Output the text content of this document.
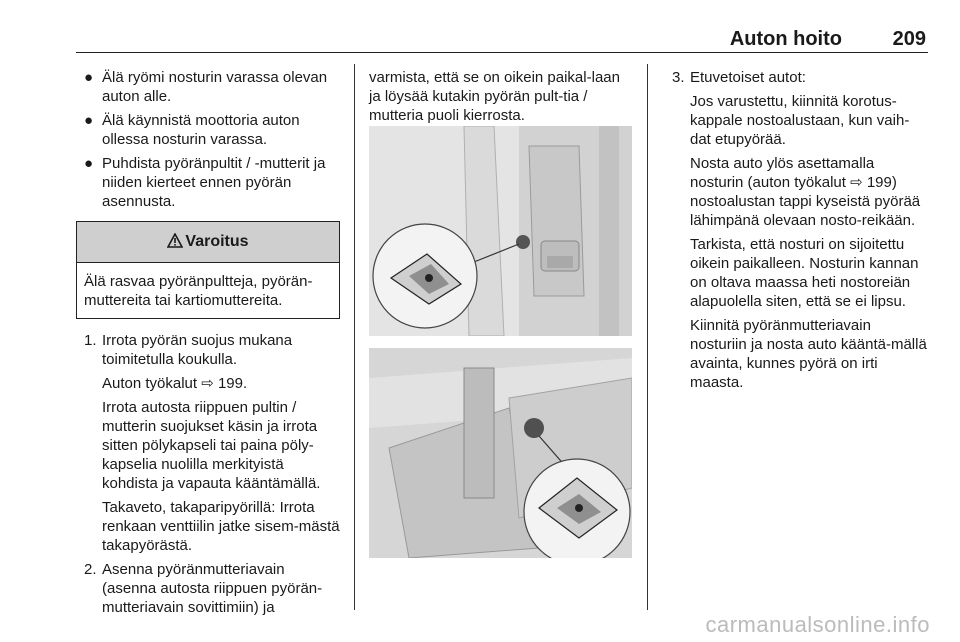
Auton hoito	209
● Älä ryömi nosturin varassa olevan auton alle.
● Älä käynnistä moottoria auton ollessa nosturin varassa.
● Puhdista pyöränpultit / -mutterit ja niiden kierteet ennen pyörän asennusta.
Varoitus
Älä rasvaa pyöränpultteja, pyörän-muttereita tai kartiomuttereita.
1. Irrota pyörän suojus mukana toimitetulla koukulla.

Auton työkalut ⇨ 199.

Irrota autosta riippuen pultin / mutterin suojukset käsin ja irrota sitten pölykapseli tai paina pöly-kapselia nuolilla merkityistä kohdista ja vapauta kääntämällä.

Takaveto, takaparipyörillä: Irrota renkaan venttiilin jatke sisem-mästä takapyörästä.

2. Asenna pyöränmutteriavain (asenna autosta riippuen pyörän-mutteriavain sovittimiin) ja

varmista, että se on oikein paikal-laan ja löysää kutakin pyörän pult-tia / mutteria puoli kierrosta.

3. Etuvetoiset autot:

Jos varustettu, kiinnitä korotus-kappale nostoalustaan, kun vaih-dat etupyörää.

Nosta auto ylös asettamalla nosturin (auton työkalut ⇨ 199) nostoalustan tappi kyseistä pyörää lähimpänä olevaan nosto-reikään.

Tarkista, että nosturi on sijoitettu oikein paikalleen. Nosturin kannan on oltava maassa heti nostoreiän alapuolella siten, että se ei lipsu.

Kiinnitä pyöränmutteriavain nosturiin ja nosta auto kääntä-mällä avainta, kunnes pyörä on irti maasta.

carmanualsonline.info
